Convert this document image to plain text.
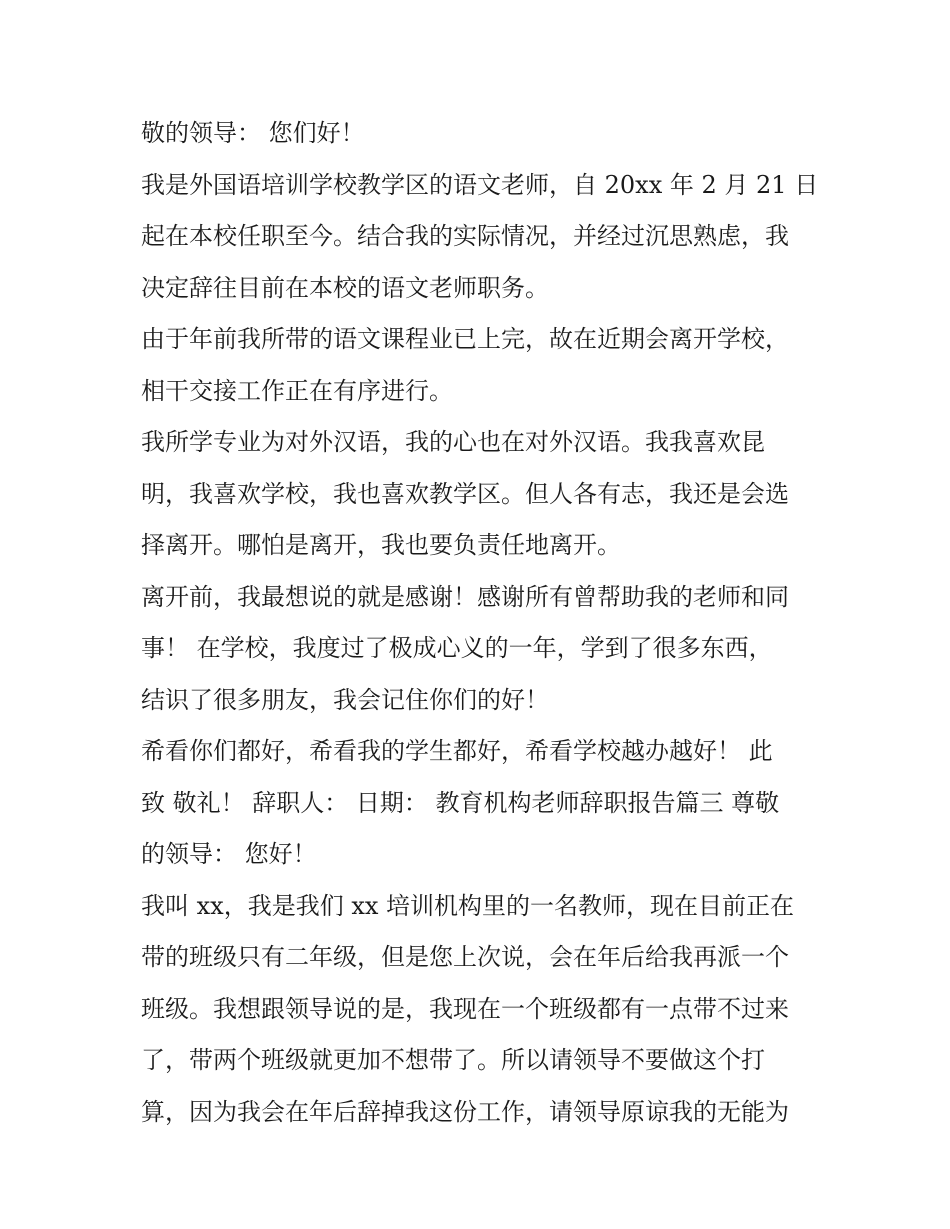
敬的领导： 您们好！
我是外国语培训学校教学区的语文老师，自 20xx 年 2 月 21 日
起在本校任职至今。结合我的实际情况，并经过沉思熟虑，我
决定辞往目前在本校的语文老师职务。
由于年前我所带的语文课程业已上完，故在近期会离开学校，
相干交接工作正在有序进行。
我所学专业为对外汉语，我的心也在对外汉语。我我喜欢昆
明，我喜欢学校，我也喜欢教学区。但人各有志，我还是会选
择离开。哪怕是离开，我也要负责任地离开。
离开前，我最想说的就是感谢！感谢所有曾帮助我的老师和同
事！ 在学校，我度过了极成心义的一年，学到了很多东西，
结识了很多朋友，我会记住你们的好！
希看你们都好，希看我的学生都好，希看学校越办越好！ 此
致 敬礼！ 辞职人： 日期： 教育机构老师辞职报告篇三 尊敬
的领导： 您好！
我叫 xx，我是我们 xx 培训机构里的一名教师，现在目前正在
带的班级只有二年级，但是您上次说，会在年后给我再派一个
班级。我想跟领导说的是，我现在一个班级都有一点带不过来
了，带两个班级就更加不想带了。所以请领导不要做这个打
算，因为我会在年后辞掉我这份工作，请领导原谅我的无能为
